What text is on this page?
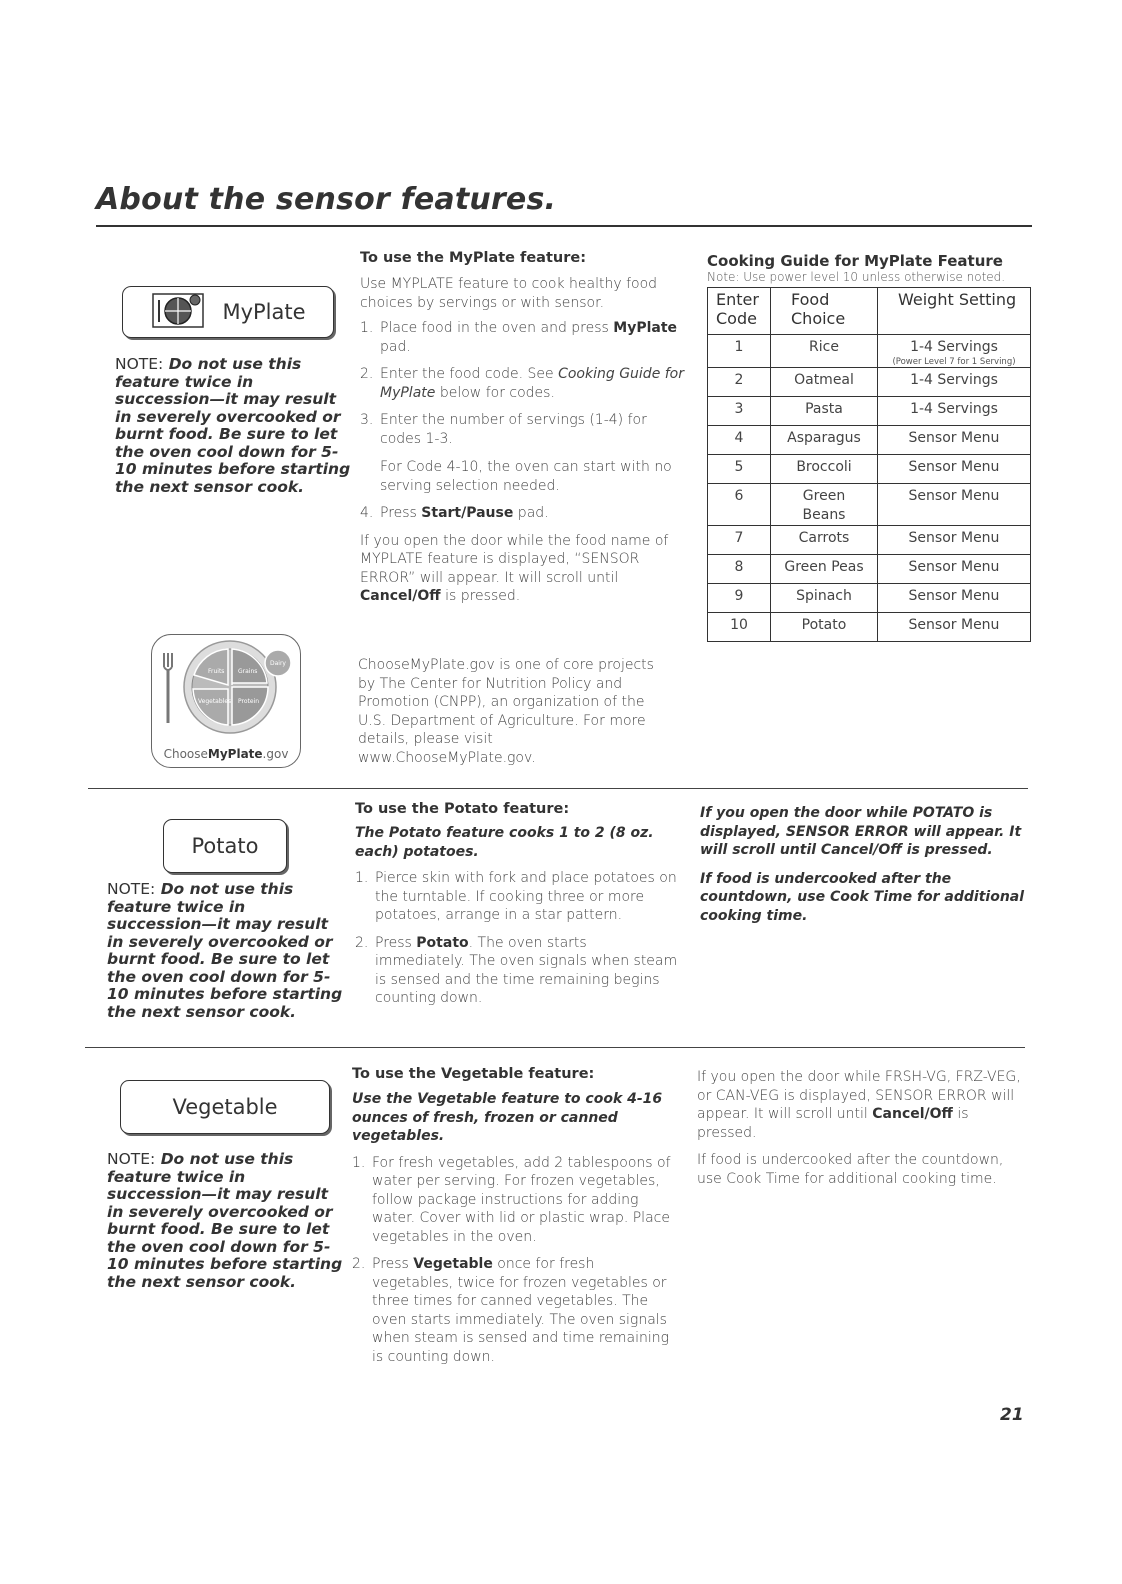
About the sensor features.
MyPlate
NOTE: Do not use this feature twice in succession—it may result in severely overcooked or burnt food. Be sure to let the oven cool down for 5-10 minutes before starting the next sensor cook.
To use the MyPlate feature:
Use MYPLATE feature to cook healthy food choices by servings or with sensor.
1. Place food in the oven and press MyPlate pad.
2. Enter the food code. See Cooking Guide for MyPlate below for codes.
3. Enter the number of servings (1-4) for codes 1-3.
For Code 4-10, the oven can start with no serving selection needed.
4. Press Start/Pause pad.
If you open the door while the food name of MYPLATE feature is displayed, “SENSOR ERROR” will appear. It will scroll until Cancel/Off is pressed.
Cooking Guide for MyPlate Feature
Note: Use power level 10 unless otherwise noted.
Enter Code	Food Choice	Weight Setting
1	Rice	1-4 Servings
(Power Level 7 for 1 Serving)

2	Oatmeal	1-4 Servings
3	Pasta	1-4 Servings
4	Asparagus	Sensor Menu
5	Broccoli	Sensor Menu
6	Green Beans	Sensor Menu
7	Carrots	Sensor Menu
8	Green Peas	Sensor Menu
9	Spinach	Sensor Menu
10	Potato	Sensor Menu
Fruits Grains
Vegetables Protein
Dairy
ChooseMyPlate.gov
ChooseMyPlate.gov is one of core projects by The Center for Nutrition Policy and Promotion (CNPP), an organization of the U.S. Department of Agriculture. For more details, please visit www.ChooseMyPlate.gov.
Potato
NOTE: Do not use this feature twice in succession—it may result in severely overcooked or burnt food. Be sure to let the oven cool down for 5-10 minutes before starting the next sensor cook.
To use the Potato feature:
The Potato feature cooks 1 to 2 (8 oz. each) potatoes.
1. Pierce skin with fork and place potatoes on the turntable. If cooking three or more potatoes, arrange in a star pattern.
2. Press Potato. The oven starts immediately. The oven signals when steam is sensed and the time remaining begins counting down.
If you open the door while POTATO is displayed, SENSOR ERROR will appear. It will scroll until Cancel/Off is pressed.
If food is undercooked after the countdown, use Cook Time for additional cooking time.
Vegetable
NOTE: Do not use this feature twice in succession—it may result in severely overcooked or burnt food. Be sure to let the oven cool down for 5-10 minutes before starting the next sensor cook.
To use the Vegetable feature:
Use the Vegetable feature to cook 4-16 ounces of fresh, frozen or canned vegetables.
1. For fresh vegetables, add 2 tablespoons of water per serving. For frozen vegetables, follow package instructions for adding water. Cover with lid or plastic wrap. Place vegetables in the oven.
2. Press Vegetable once for fresh vegetables, twice for frozen vegetables or three times for canned vegetables. The oven starts immediately. The oven signals when steam is sensed and time remaining is counting down.
If you open the door while FRSH-VG, FRZ-VEG, or CAN-VEG is displayed, SENSOR ERROR will appear. It will scroll until Cancel/Off is pressed.
If food is undercooked after the countdown, use Cook Time for additional cooking time.
21
